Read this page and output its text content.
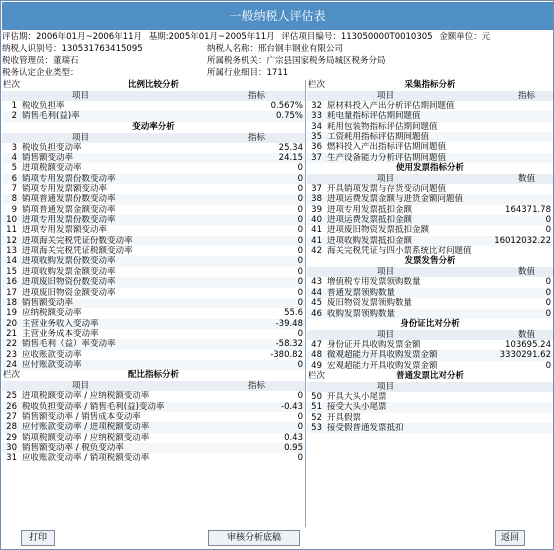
一般纳税人评估表
评估期：2006年01月~2006年11月 基期:2005年01月~2005年11月 评估项目编号：113050000T0010305 金额单位：元
纳税人识别号：130531763415095	纳税人名称：邢台钢丰钢业有限公司
税收管理员：董瑞石	所属税务机关：广宗县国家税务局城区税务分局
税务认定企业类型：	所属行业细目：1711
栏次	比例比较分析
项目	指标
1 税收负担率	0.567%
2 销售毛利(益)率	0.75%
变动率分析
项目	指标
3 税收负担变动率	25.34
4 销售额变动率	24.15
5 进项税额变动率	0
6 销项专用发票份数变动率	0
7 销项专用发票额变动率	0
8 销项普通发票份数变动率	0
9 销项普通发票金额变动率	0
10 进项专用发票份数变动率	0
11 进项专用发票额变动率	0
12 进项海关完税凭证份数变动率	0
13 进项海关完税凭证税额变动率	0
14 进项收购发票份数变动率	0
15 进项收购发票金额变动率	0
16 进项废旧物资份数变动率	0
17 进项废旧物资金额变动率	0
18 销售额变动率	0
19 应纳税额变动率	55.6
20 主营业务收入变动率	-39.48
21 主营业务成本变动率	0
22 销售毛利（益）率变动率	-58.32
23 应收账款变动率	-380.82
24 应付账款变动率	0
栏次	配比指标分析
项目	指标
25 进项税额变动率 / 应纳税额变动率	0
26 税收负担变动率 / 销售毛利(益)变动率	-0.43
27 销售额变动率 / 销售成本变动率	0
28 应付账款变动率 / 进项税额变动率	0
29 销项税额变动率 / 应纳税额变动率	0.43
30 销售额变动率 / 税负变动率	0.95
31 应收账款变动率 / 销项税额变动率	0
栏次	采集指标分析
项目	指标
32 原材料投入产出分析评估期间题值
33 耗电量指标评估期间题值
34 耗用包装物指标评估期间题值
35 工资耗用指标评估期间题值
36 燃料投入产出指标评估期间题值
37 生产设备能力分析评估期间题值
使用发票指标分析
项目	数值
37 开具销项发票与存货变动问题值
38 进项运费发票金额与进货金额问题值
39 进项专用发票抵扣金额	164371.78
40 进项运费发票抵扣金额	0
41 进项废旧物资发票抵扣金额	0
41 进项收购发票抵扣金额	16012032.22
42 海关完税凭证与四小票系统比对问题值
发票发售分析
项目	数值
43 增值税专用发票领购数量	0
44 普通发票领购数量	0
45 废旧物资发票领购数量	0
46 收购发票领购数量	0
身份证比对分析
项目	数值
47 身份证开具收购发票金额	103695.24
48 微观超能力开具收购发票金额	3330291.62
49 宏观超能力开具收购发票金额	0
栏次	普通发票比对分析
项目
50 开具大头小尾票
51 接受大头小尾票
52 开具假票
53 接受假普通发票抵扣
打印	审核分析底稿	返回
